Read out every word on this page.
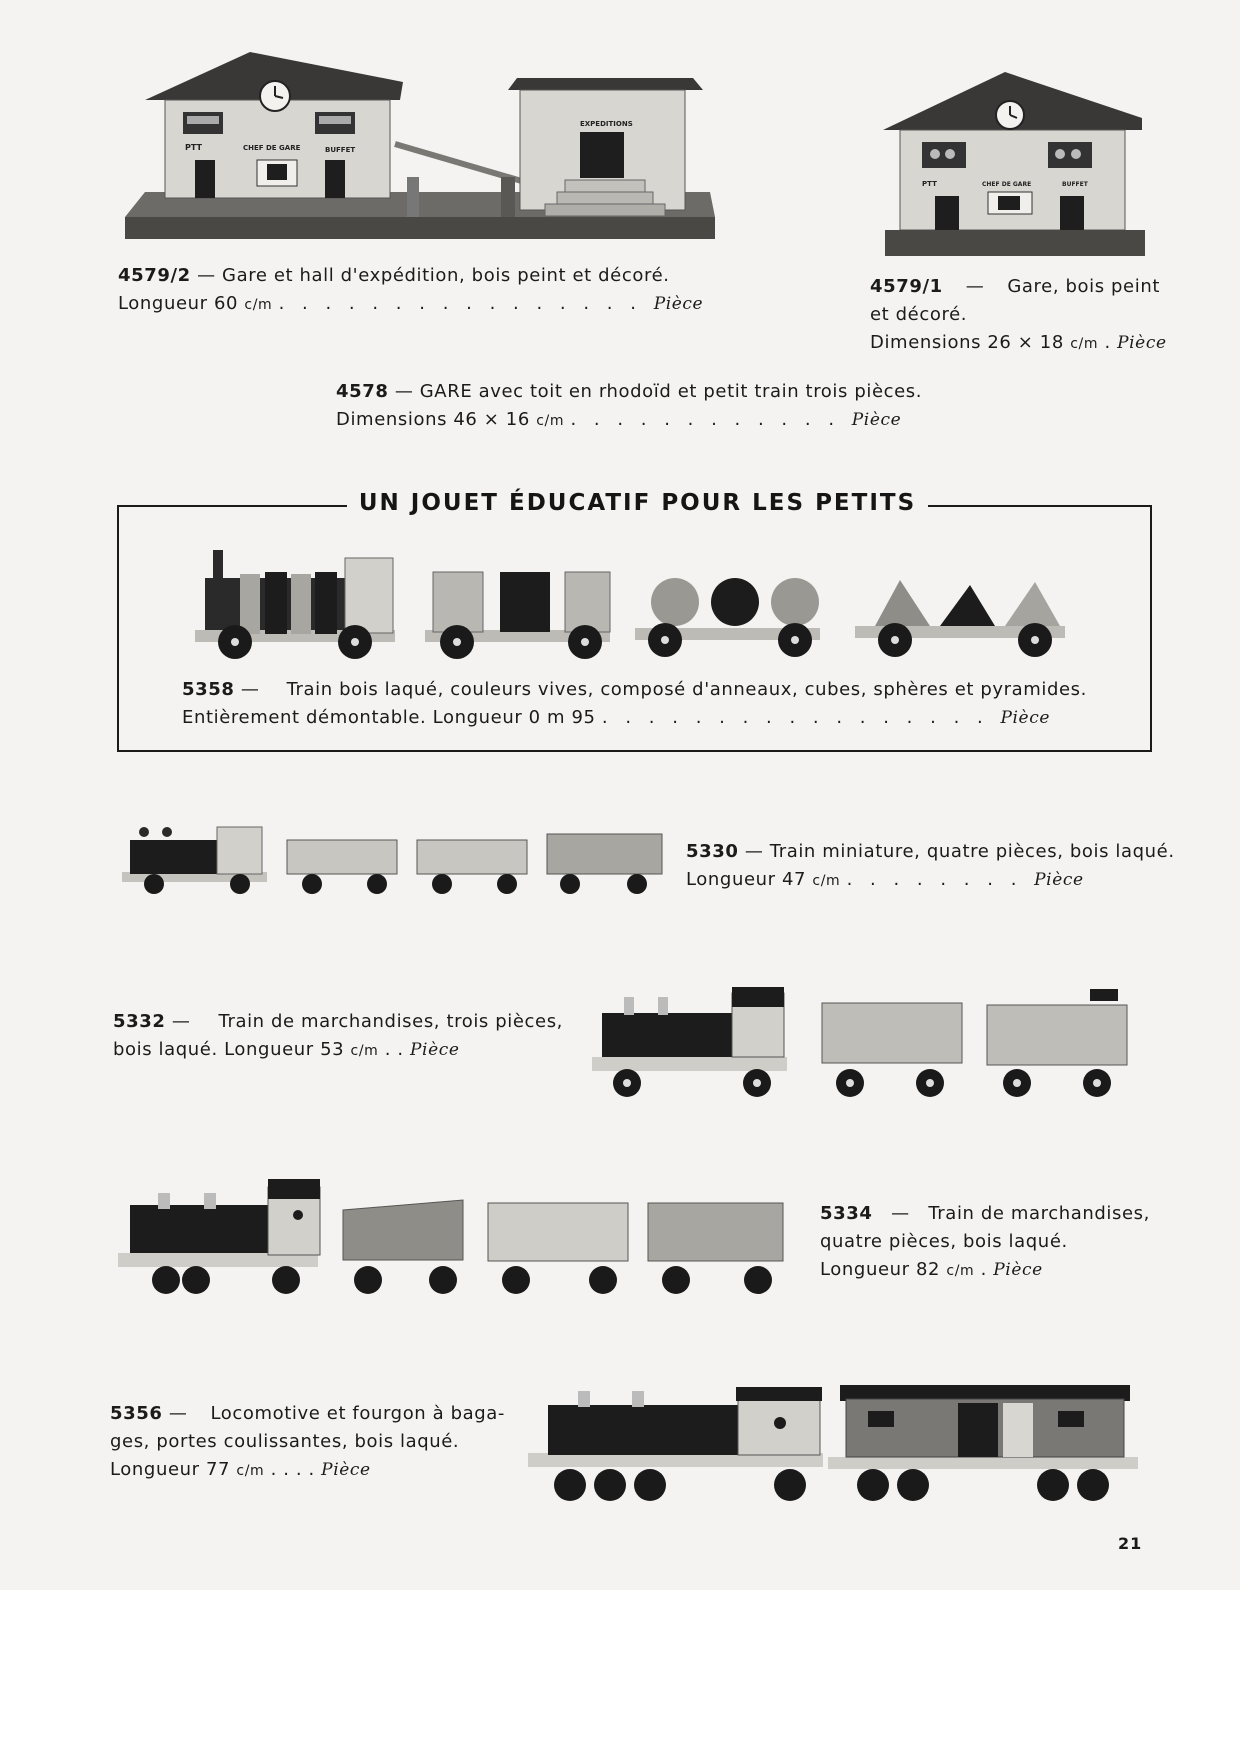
PTT	CHEF DE GARE	BUFFET
EXPEDITIONS
PTT	CHEF DE GARE	BUFFET
4579/2 — Gare et hall d'expédition, bois peint et décoré.
Longueur 60 c/m . . . . . . . . . . . . . . . . Pièce
4579/1 — Gare, bois peint
et décoré.
Dimensions 26 × 18 c/m . Pièce
4578 — GARE avec toit en rhodoïd et petit train trois pièces.
Dimensions 46 × 16 c/m . . . . . . . . . . . . Pièce
UN JOUET ÉDUCATIF POUR LES PETITS
5358 — Train bois laqué, couleurs vives, composé d'anneaux, cubes, sphères et pyramides.
Entièrement démontable. Longueur 0 m 95 . . . . . . . . . . . . . . . . . Pièce
5330 — Train miniature, quatre pièces, bois laqué.
Longueur 47 c/m . . . . . . . . Pièce
5332 — Train de marchandises, trois pièces,
bois laqué. Longueur 53 c/m . . Pièce
5334 — Train de marchandises,
quatre pièces, bois laqué.
Longueur 82 c/m . Pièce
5356 — Locomotive et fourgon à baga-
ges, portes coulissantes, bois laqué.
Longueur 77 c/m . . . . Pièce
21
